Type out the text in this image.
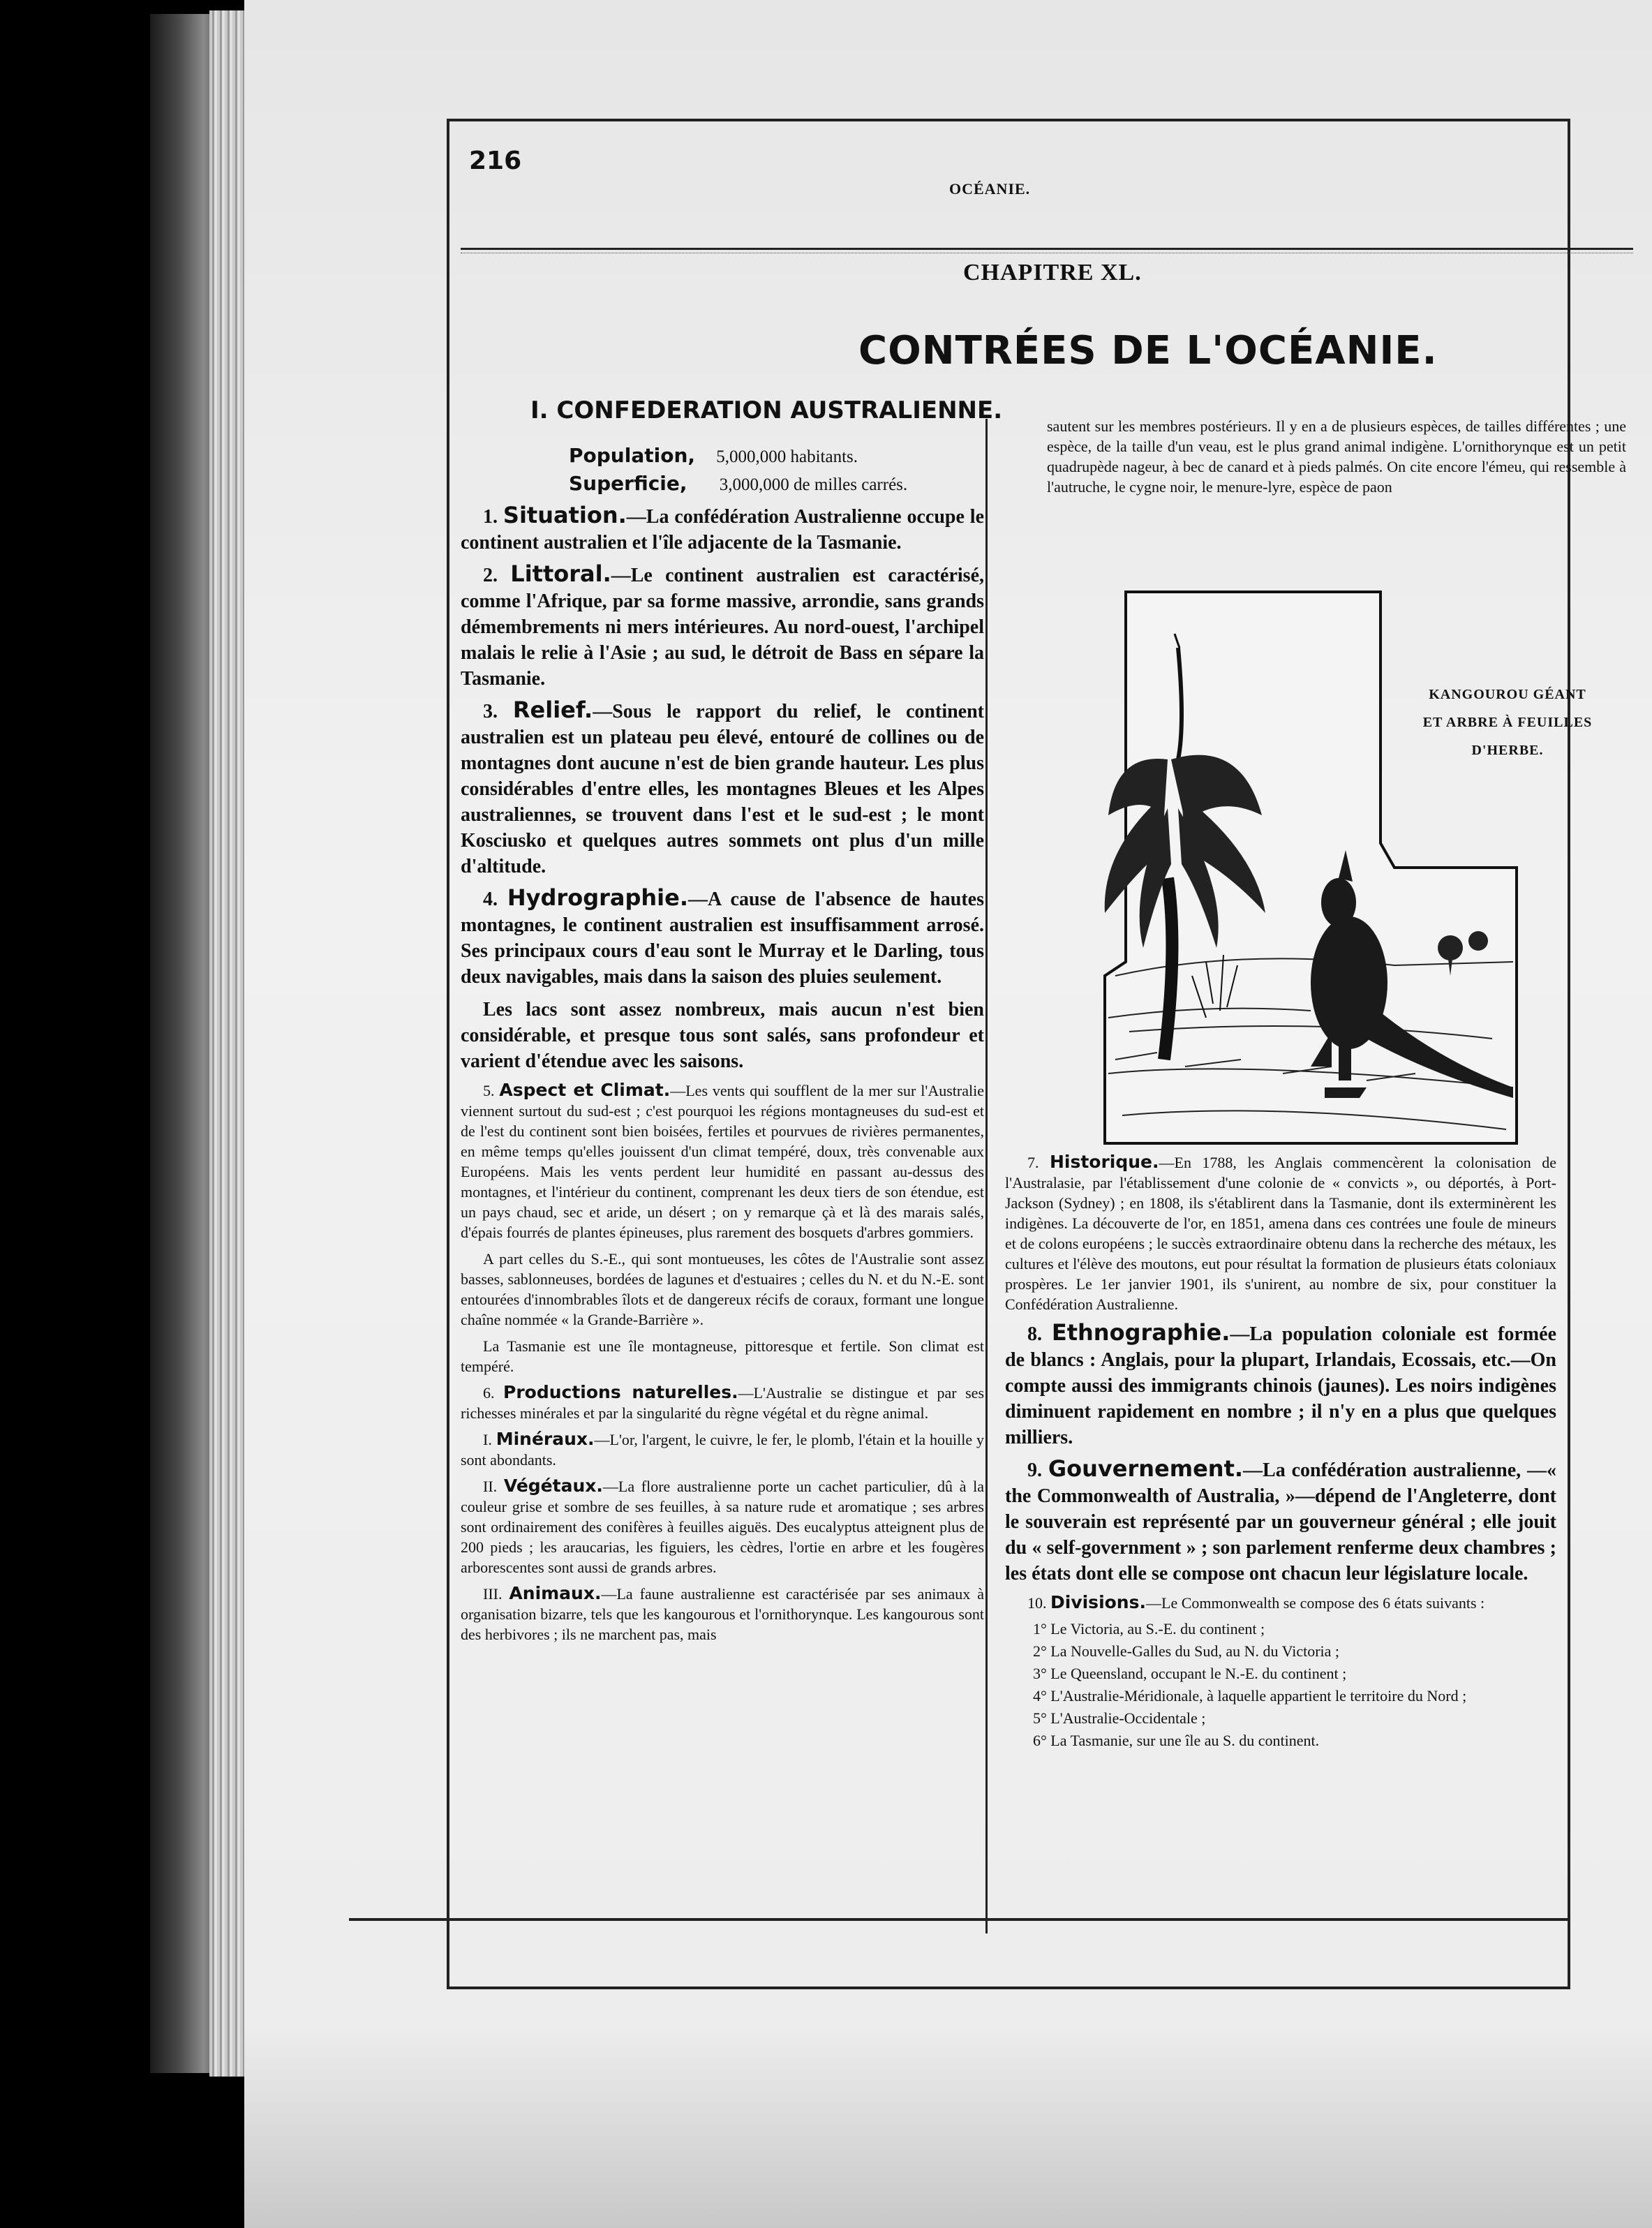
216
OCÉANIE.
CHAPITRE XL.
CONTRÉES DE L'OCÉANIE.
I. CONFEDERATION AUSTRALIENNE.
Population, 5,000,000 habitants.
Superficie, 3,000,000 de milles carrés.

1. Situation.—La confédération Australienne occupe le continent australien et l'île adjacente de la Tasmanie.

2. Littoral.—Le continent australien est caractérisé, comme l'Afrique, par sa forme massive, arrondie, sans grands démembrements ni mers intérieures. Au nord-ouest, l'archipel malais le relie à l'Asie ; au sud, le détroit de Bass en sépare la Tasmanie.

3. Relief.—Sous le rapport du relief, le continent australien est un plateau peu élevé, entouré de collines ou de montagnes dont aucune n'est de bien grande hauteur. Les plus considérables d'entre elles, les montagnes Bleues et les Alpes australiennes, se trouvent dans l'est et le sud-est ; le mont Kosciusko et quelques autres sommets ont plus d'un mille d'altitude.

4. Hydrographie.—A cause de l'absence de hautes montagnes, le continent australien est insuffisamment arrosé. Ses principaux cours d'eau sont le Murray et le Darling, tous deux navigables, mais dans la saison des pluies seulement.

Les lacs sont assez nombreux, mais aucun n'est bien considérable, et presque tous sont salés, sans profondeur et varient d'étendue avec les saisons.

5. Aspect et Climat.—Les vents qui soufflent de la mer sur l'Australie viennent surtout du sud-est ; c'est pourquoi les régions montagneuses du sud-est et de l'est du continent sont bien boisées, fertiles et pourvues de rivières permanentes, en même temps qu'elles jouissent d'un climat tempéré, doux, très convenable aux Européens. Mais les vents perdent leur humidité en passant au-dessus des montagnes, et l'intérieur du continent, comprenant les deux tiers de son étendue, est un pays chaud, sec et aride, un désert ; on y remarque çà et là des marais salés, d'épais fourrés de plantes épineuses, plus rarement des bosquets d'arbres gommiers.

A part celles du S.-E., qui sont montueuses, les côtes de l'Australie sont assez basses, sablonneuses, bordées de lagunes et d'estuaires ; celles du N. et du N.-E. sont entourées d'innombrables îlots et de dangereux récifs de coraux, formant une longue chaîne nommée « la Grande-Barrière ».

La Tasmanie est une île montagneuse, pittoresque et fertile. Son climat est tempéré.

6. Productions naturelles.—L'Australie se distingue et par ses richesses minérales et par la singularité du règne végétal et du règne animal.

I. Minéraux.—L'or, l'argent, le cuivre, le fer, le plomb, l'étain et la houille y sont abondants.

II. Végétaux.—La flore australienne porte un cachet particulier, dû à la couleur grise et sombre de ses feuilles, à sa nature rude et aromatique ; ses arbres sont ordinairement des conifères à feuilles aiguës. Des eucalyptus atteignent plus de 200 pieds ; les araucarias, les figuiers, les cèdres, l'ortie en arbre et les fougères arborescentes sont aussi de grands arbres.

III. Animaux.—La faune australienne est caractérisée par ses animaux à organisation bizarre, tels que les kangourous et l'ornithorynque. Les kangourous sont des herbivores ; ils ne marchent pas, mais

sautent sur les membres postérieurs. Il y en a de plusieurs espèces, de tailles différentes ; une espèce, de la taille d'un veau, est le plus grand animal indigène. L'ornithorynque est un petit quadrupède nageur, à bec de canard et à pieds palmés. On cite encore l'émeu, qui ressemble à l'autruche, le cygne noir, le menure-lyre, espèce de paon

KANGOUROU GÉANT
ET ARBRE À FEUILLES
D'HERBE.

7. Historique.—En 1788, les Anglais commencèrent la colonisation de l'Australasie, par l'établissement d'une colonie de « convicts », ou déportés, à Port-Jackson (Sydney) ; en 1808, ils s'établirent dans la Tasmanie, dont ils exterminèrent les indigènes. La découverte de l'or, en 1851, amena dans ces contrées une foule de mineurs et de colons européens ; le succès extraordinaire obtenu dans la recherche des métaux, les cultures et l'élève des moutons, eut pour résultat la formation de plusieurs états coloniaux prospères. Le 1er janvier 1901, ils s'unirent, au nombre de six, pour constituer la Confédération Australienne.

8. Ethnographie.—La population coloniale est formée de blancs : Anglais, pour la plupart, Irlandais, Ecossais, etc.—On compte aussi des immigrants chinois (jaunes). Les noirs indigènes diminuent rapidement en nombre ; il n'y en a plus que quelques milliers.

9. Gouvernement.—La confédération australienne, —« the Commonwealth of Australia, »—dépend de l'Angleterre, dont le souverain est représenté par un gouverneur général ; elle jouit du « self-government » ; son parlement renferme deux chambres ; les états dont elle se compose ont chacun leur législature locale.

10. Divisions.—Le Commonwealth se compose des 6 états suivants :

1° Le Victoria, au S.-E. du continent ;
2° La Nouvelle-Galles du Sud, au N. du Victoria ;
3° Le Queensland, occupant le N.-E. du continent ;
4° L'Australie-Méridionale, à laquelle appartient le territoire du Nord ;
5° L'Australie-Occidentale ;
6° La Tasmanie, sur une île au S. du continent.
